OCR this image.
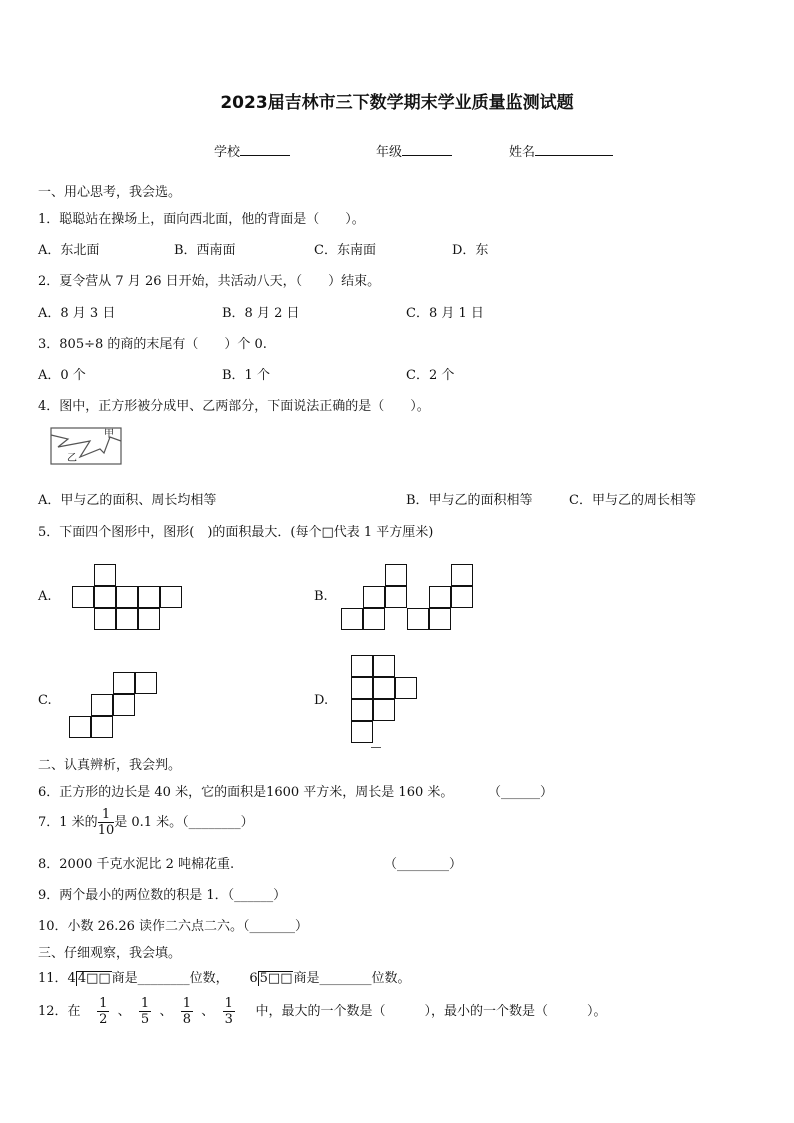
2023届吉林市三下数学期末学业质量监测试题
学校	年级	姓名
一、用心思考，我会选。
1．聪聪站在操场上，面向西北面，他的背面是（　　）。
A．东北面	B．西南面	C．东南面	D．东
2．夏令营从 7 月 26 日开始，共活动八天，（　　）结束。
A．8 月 3 日	B．8 月 2 日	C．8 月 1 日
3．805÷8 的商的末尾有（　　）个 0.
A．0 个	B．1 个	C．2 个
4．图中，正方形被分成甲、乙两部分，下面说法正确的是（　　）。
甲
乙
A．甲与乙的面积、周长均相等	B．甲与乙的面积相等	C．甲与乙的周长相等
5．下面四个图形中，图形(　)的面积最大．(每个□代表 1 平方厘米)
A.	B.
C.	D.
二、认真辨析，我会判。
6．正方形的边长是 40 米，它的面积是1600 平方米，周长是 160 米。	（______）
7．1 米的 $\frac{1}{10}$ 是 0.1 米。（________）
8．2000 千克水泥比 2 吨棉花重.	（________）
9．两个最小的两位数的积是 1．（______）
10．小数 26.26 读作二六点二六。（_______）
三、仔细观察，我会填。
11．4 4□□商是________位数， 6 5□□商是________位数。
12．在 $\frac{1}{2}$ 、 $\frac{1}{5}$ 、 $\frac{1}{8}$ 、 $\frac{1}{3}$ 中，最大的一个数是（　　　），最小的一个数是（　　　）。
